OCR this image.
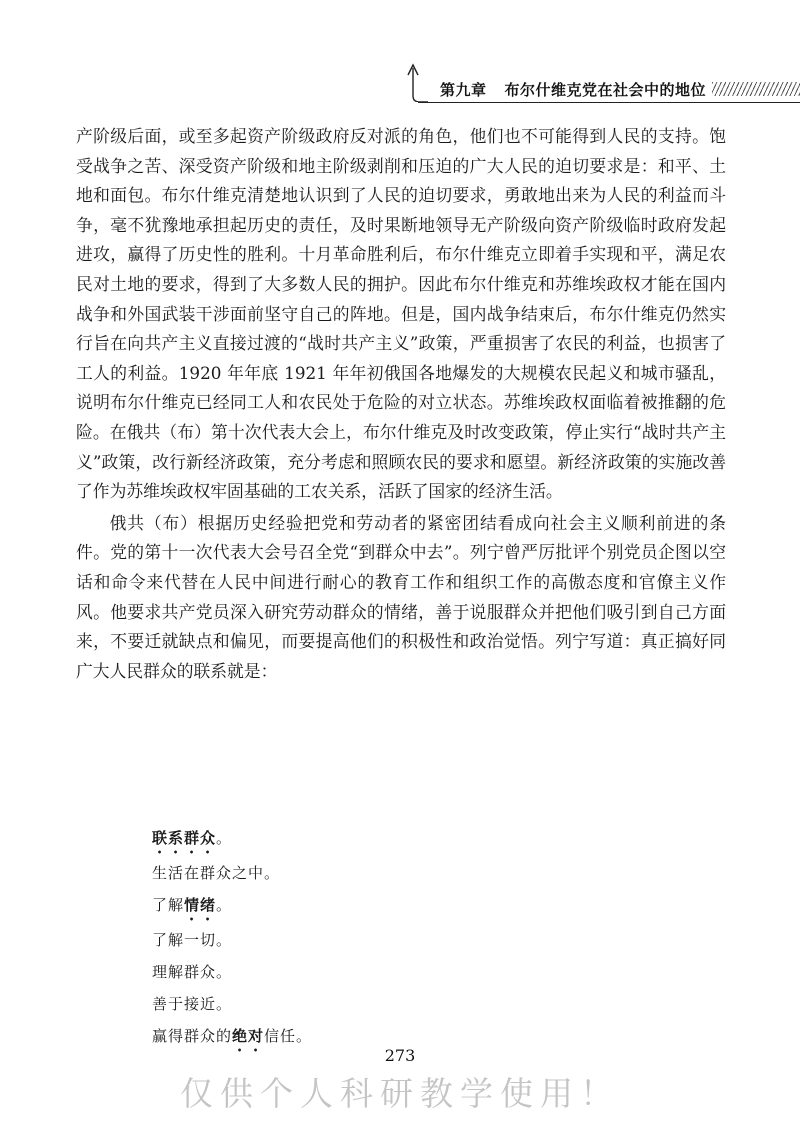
第九章 布尔什维克党在社会中的地位

产阶级后面，或至多起资产阶级政府反对派的角色，他们也不可能得到人民的支持。饱受战争之苦、深受资产阶级和地主阶级剥削和压迫的广大人民的迫切要求是：和平、土地和面包。布尔什维克清楚地认识到了人民的迫切要求，勇敢地出来为人民的利益而斗争，毫不犹豫地承担起历史的责任，及时果断地领导无产阶级向资产阶级临时政府发起进攻，赢得了历史性的胜利。十月革命胜利后，布尔什维克立即着手实现和平，满足农民对土地的要求，得到了大多数人民的拥护。因此布尔什维克和苏维埃政权才能在国内战争和外国武装干涉面前坚守自己的阵地。但是，国内战争结束后，布尔什维克仍然实行旨在向共产主义直接过渡的“战时共产主义”政策，严重损害了农民的利益，也损害了工人的利益。1920 年年底 1921 年年初俄国各地爆发的大规模农民起义和城市骚乱，说明布尔什维克已经同工人和农民处于危险的对立状态。苏维埃政权面临着被推翻的危险。在俄共（布）第十次代表大会上，布尔什维克及时改变政策，停止实行“战时共产主义”政策，改行新经济政策，充分考虑和照顾农民的要求和愿望。新经济政策的实施改善了作为苏维埃政权牢固基础的工农关系，活跃了国家的经济生活。

俄共（布）根据历史经验把党和劳动者的紧密团结看成向社会主义顺利前进的条件。党的第十一次代表大会号召全党“到群众中去”。列宁曾严厉批评个别党员企图以空话和命令来代替在人民中间进行耐心的教育工作和组织工作的高傲态度和官僚主义作风。他要求共产党员深入研究劳动群众的情绪，善于说服群众并把他们吸引到自己方面来，不要迁就缺点和偏见，而要提高他们的积极性和政治觉悟。列宁写道：真正搞好同广大人民群众的联系就是：

联系群众。
生活在群众之中。
了解情绪。
了解一切。
理解群众。
善于接近。
赢得群众的绝对信任。
273
仅供个人科研教学使用！
